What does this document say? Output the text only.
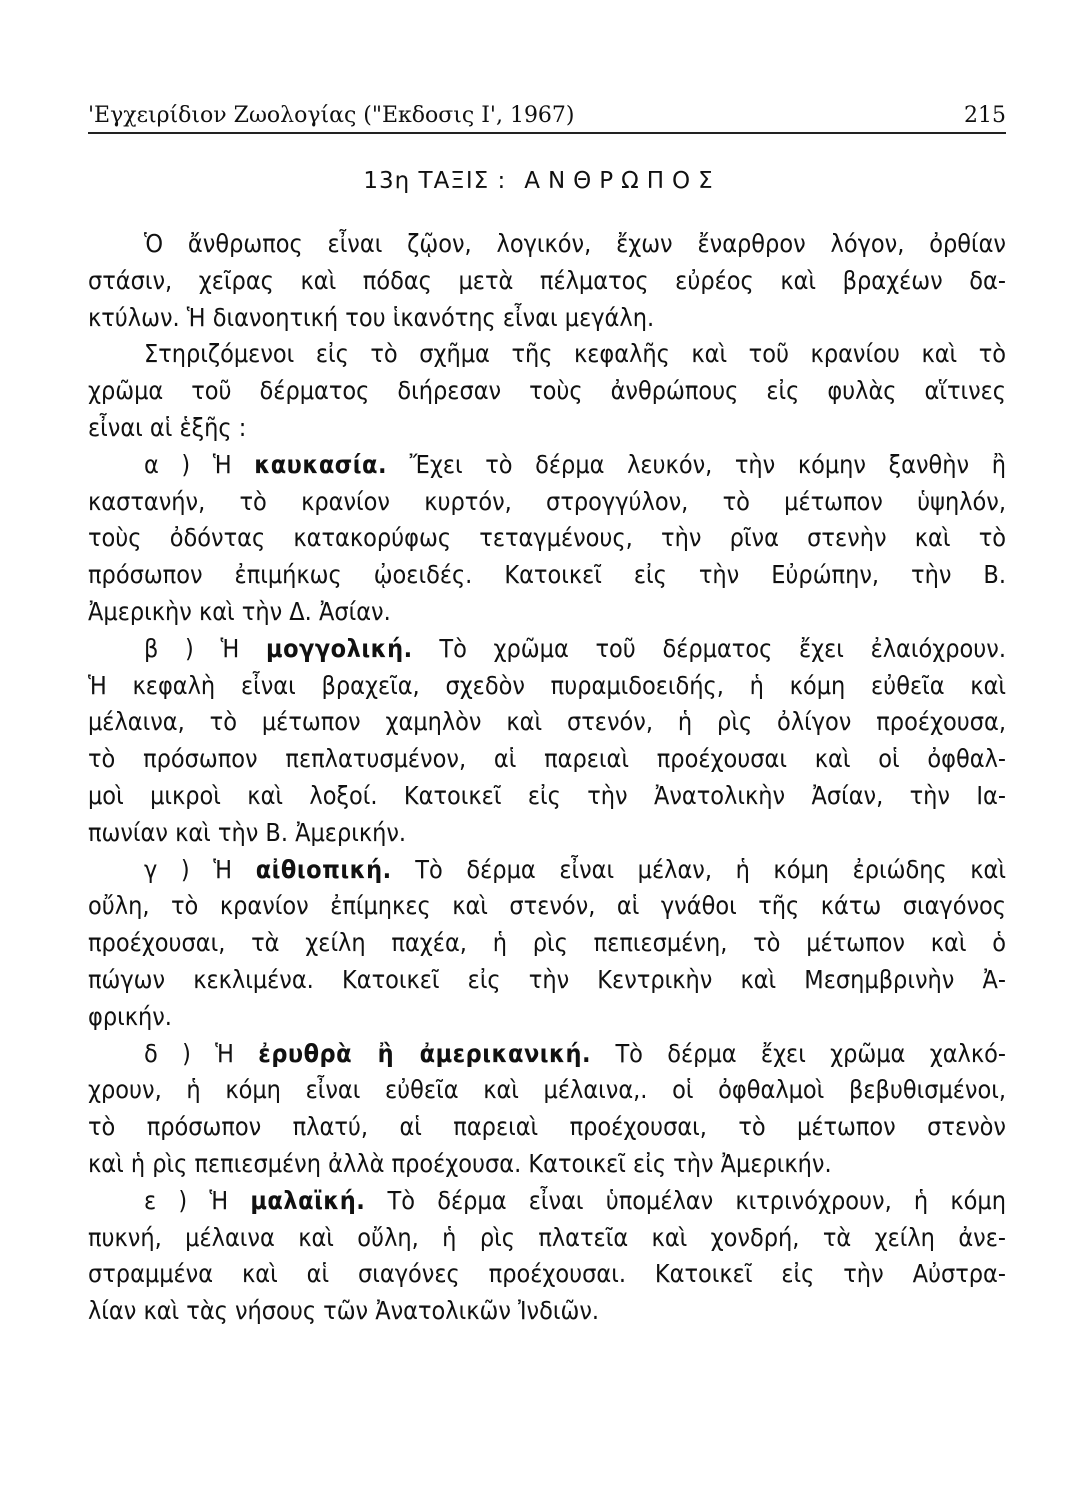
'Εγχειρίδιον Ζωολογίας ("Εκδοσις Ι', 1967)	215
13η ΤΑΞΙΣ : ΑΝΘΡΩΠΟΣ
Ὁ ἄνθρωπος εἶναι ζῷον, λογικόν, ἔχων ἔναρθρον λόγον, ὀρθίαν
στάσιν, χεῖρας καὶ πόδας μετὰ πέλματος εὐρέος καὶ βραχέων δα-
κτύλων. Ἡ διανοητική του ἱκανότης εἶναι μεγάλη.
Στηριζόμενοι εἰς τὸ σχῆμα τῆς κεφαλῆς καὶ τοῦ κρανίου καὶ τὸ
χρῶμα τοῦ δέρματος διήρεσαν τοὺς ἀνθρώπους εἰς φυλὰς αἵτινες
εἶναι αἱ ἑξῆς :
α ) Ἡ καυκασία. Ἔχει τὸ δέρμα λευκόν, τὴν κόμην ξανθὴν ἢ
καστανήν, τὸ κρανίον κυρτόν, στρογγύλον, τὸ μέτωπον ὑψηλόν,
τοὺς ὀδόντας κατακορύφως τεταγμένους, τὴν ρῖνα στενὴν καὶ τὸ
πρόσωπον ἐπιμήκως ᾠοειδές. Κατοικεῖ εἰς τὴν Εὐρώπην, τὴν Β.
Ἀμερικὴν καὶ τὴν Δ. Ἀσίαν.
β ) Ἡ μογγολική. Τὸ χρῶμα τοῦ δέρματος ἔχει ἐλαιόχρουν.
Ἡ κεφαλὴ εἶναι βραχεῖα, σχεδὸν πυραμιδοειδής, ἡ κόμη εὐθεῖα καὶ
μέλαινα, τὸ μέτωπον χαμηλὸν καὶ στενόν, ἡ ρὶς ὀλίγον προέχουσα,
τὸ πρόσωπον πεπλατυσμένον, αἱ παρειαὶ προέχουσαι καὶ οἱ ὀφθαλ-
μοὶ μικροὶ καὶ λοξοί. Κατοικεῖ εἰς τὴν Ἀνατολικὴν Ἀσίαν, τὴν Ια-
πωνίαν καὶ τὴν Β. Ἀμερικήν.
γ ) Ἡ αἰθιοπική. Τὸ δέρμα εἶναι μέλαν, ἡ κόμη ἐριώδης καὶ
οὔλη, τὸ κρανίον ἐπίμηκες καὶ στενόν, αἱ γνάθοι τῆς κάτω σιαγόνος
προέχουσαι, τὰ χείλη παχέα, ἡ ρὶς πεπιεσμένη, τὸ μέτωπον καὶ ὁ
πώγων κεκλιμένα. Κατοικεῖ εἰς τὴν Κεντρικὴν καὶ Μεσημβρινὴν Ἀ-
φρικήν.
δ ) Ἡ ἐρυθρὰ ἢ ἀμερικανική. Τὸ δέρμα ἔχει χρῶμα χαλκό-
χρουν, ἡ κόμη εἶναι εὐθεῖα καὶ μέλαινα,. οἱ ὀφθαλμοὶ βεβυθισμένοι,
τὸ πρόσωπον πλατύ, αἱ παρειαὶ προέχουσαι, τὸ μέτωπον στενὸν
καὶ ἡ ρὶς πεπιεσμένη ἀλλὰ προέχουσα. Κατοικεῖ εἰς τὴν Ἀμερικήν.
ε ) Ἡ μαλαϊκή. Τὸ δέρμα εἶναι ὑπομέλαν κιτρινόχρουν, ἡ κόμη
πυκνή, μέλαινα καὶ οὔλη, ἡ ρὶς πλατεῖα καὶ χονδρή, τὰ χείλη ἀνε-
στραμμένα καὶ αἱ σιαγόνες προέχουσαι. Κατοικεῖ εἰς τὴν Αὐστρα-
λίαν καὶ τὰς νήσους τῶν Ἀνατολικῶν Ἰνδιῶν.
